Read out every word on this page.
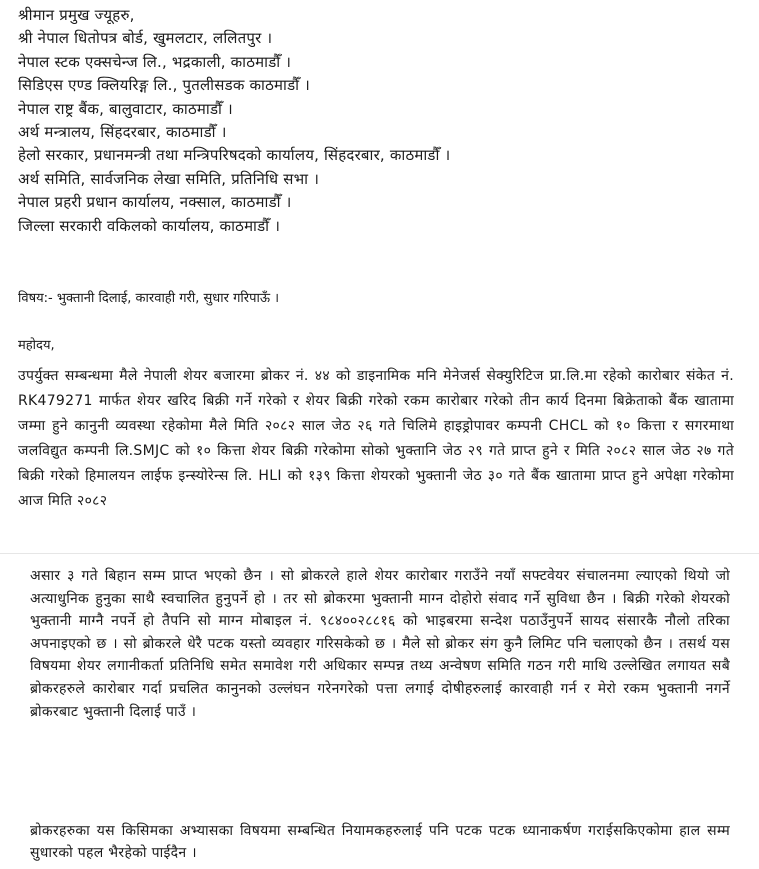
श्रीमान प्रमुख ज्यूहरु,
श्री नेपाल धितोपत्र बोर्ड, खुमलटार, ललितपुर ।
नेपाल स्टक एक्सचेन्ज लि., भद्रकाली, काठमाडौँ ।
सिडिएस एण्ड क्लियरिङ्ग लि., पुतलीसडक काठमाडौँ ।
नेपाल राष्ट्र बैंक, बालुवाटार, काठमाडौँ ।
अर्थ मन्त्रालय, सिंहदरबार, काठमाडौँ ।
हेलो सरकार, प्रधानमन्त्री तथा मन्त्रिपरिषदको कार्यालय, सिंहदरबार, काठमाडौँ ।
अर्थ समिति, सार्वजनिक लेखा समिति, प्रतिनिधि सभा ।
नेपाल प्रहरी प्रधान कार्यालय, नक्साल, काठमाडौँ ।
जिल्ला सरकारी वकिलको कार्यालय, काठमाडौँ ।
विषय:- भुक्तानी दिलाई, कारवाही गरी, सुधार गरिपाऊँ ।
महोदय,
उपर्युक्त सम्बन्धमा मैले नेपाली शेयर बजारमा ब्रोकर नं. ४४ को डाइनामिक मनि मेनेजर्स सेक्युरिटिज प्रा.लि.मा रहेको कारोबार संकेत नं. RK479271 मार्फत शेयर खरिद बिक्री गर्ने गरेको र शेयर बिक्री गरेको रकम कारोबार गरेको तीन कार्य दिनमा बिक्रेताको बैंक खातामा जम्मा हुने कानुनी व्यवस्था रहेकोमा मैले मिति २०८२ साल जेठ २६ गते चिलिमे हाइड्रोपावर कम्पनी CHCL को १० कित्ता र सगरमाथा जलविद्युत कम्पनी लि.SMJC को १० कित्ता शेयर बिक्री गरेकोमा सोको भुक्तानि जेठ २९ गते प्राप्त हुने र मिति २०८२ साल जेठ २७ गते बिक्री गरेको हिमालयन लाईफ इन्स्योरेन्स लि. HLI को १३९ कित्ता शेयरको भुक्तानी जेठ ३० गते बैंक खातामा प्राप्त हुने अपेक्षा गरेकोमा आज मिति २०८२
असार ३ गते बिहान सम्म प्राप्त भएको छैन । सो ब्रोकरले हाले शेयर कारोबार गराउँने नयाँ सफ्टवेयर संचालनमा ल्याएको थियो जो अत्याधुनिक हुनुका साथै स्वचालित हुनुपर्ने हो । तर सो ब्रोकरमा भुक्तानी माग्न दोहोरो संवाद गर्ने सुविधा छैन । बिक्री गरेको शेयरको भुक्तानी माग्नै नपर्ने हो तैपनि सो माग्न मोबाइल नं. ९८४००२८८१६ को भाइबरमा सन्देश पठाउँनुपर्ने सायद संसारकै नौलो तरिका अपनाइएको छ । सो ब्रोकरले धेरै पटक यस्तो व्यवहार गरिसकेको छ । मैले सो ब्रोकर संग कुनै लिमिट पनि चलाएको छैन । तसर्थ यस विषयमा शेयर लगानीकर्ता प्रतिनिधि समेत समावेश गरी अधिकार सम्पन्न तथ्य अन्वेषण समिति गठन गरी माथि उल्लेखित लगायत सबै ब्रोकरहरुले कारोबार गर्दा प्रचलित कानुनको उल्लंघन गरेनगरेको पत्ता लगाई दोषीहरुलाई कारवाही गर्न र मेरो रकम भुक्तानी नगर्ने ब्रोकरबाट भुक्तानी दिलाई पाउँ ।
ब्रोकरहरुका यस किसिमका अभ्यासका विषयमा सम्बन्धित नियामकहरुलाई पनि पटक पटक ध्यानाकर्षण गराईसकिएकोमा हाल सम्म सुधारको पहल भैरहेको पाईदैन ।
